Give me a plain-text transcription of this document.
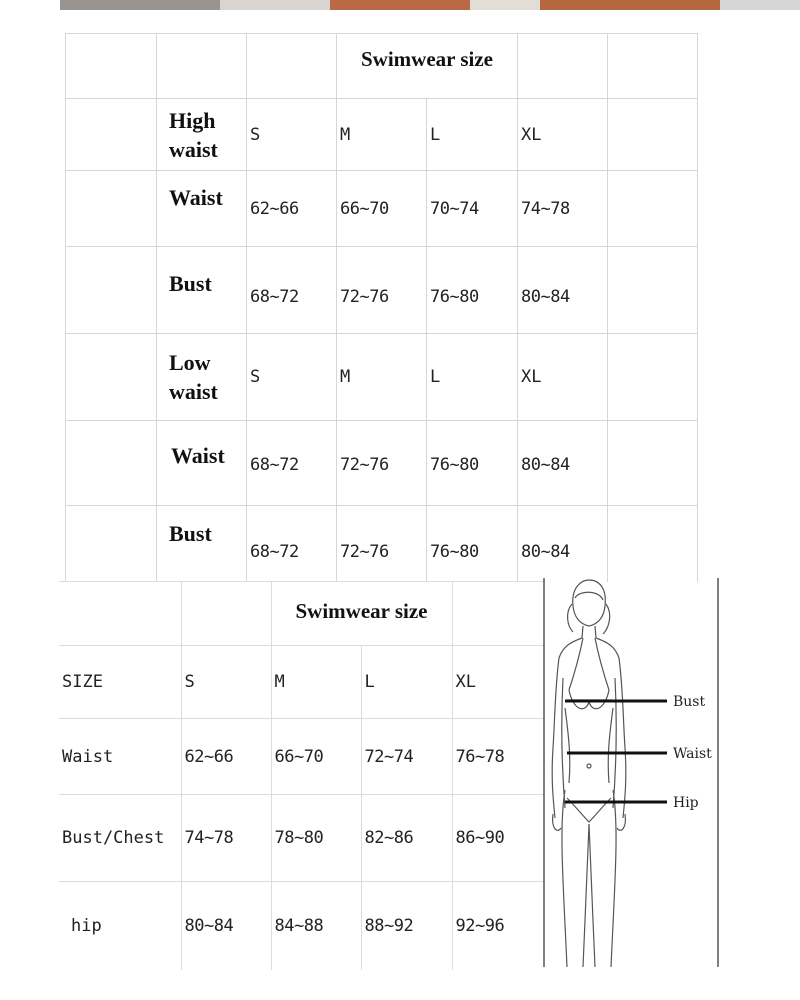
			Swimwear size			
	High waist	S	M	L	XL	
	Waist	62~66	66~70	70~74	74~78	
	Bust	68~72	72~76	76~80	80~84	
	Low waist	S	M	L	XL	
	Waist	68~72	72~76	76~80	80~84	
	Bust	68~72	72~76	76~80	80~84	
		Swimwear size		
SIZE	S	M	L	XL
Waist	62~66	66~70	72~74	76~78
Bust/Chest	74~78	78~80	82~86	86~90
hip	80~84	84~88	88~92	92~96
Bust
Waist
Hip
